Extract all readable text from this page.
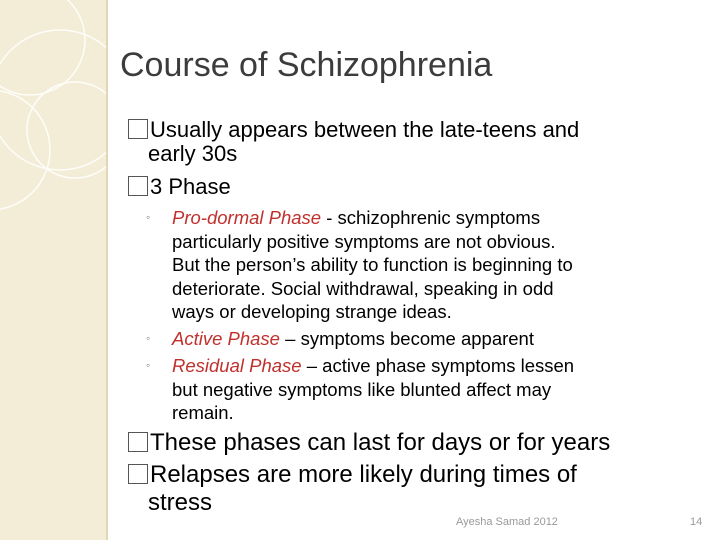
Course of Schizophrenia
Usually appears between the late-teens and
early 30s
3 Phase
◦ Pro-dormal Phase - schizophrenic symptoms
particularly positive symptoms are not obvious.
But the person’s ability to function is beginning to
deteriorate. Social withdrawal, speaking in odd
ways or developing strange ideas.
◦ Active Phase – symptoms become apparent
◦ Residual Phase – active phase symptoms lessen
but negative symptoms like blunted affect may
remain.
These phases can last for days or for years
Relapses are more likely during times of
stress
Ayesha Samad 2012	14
